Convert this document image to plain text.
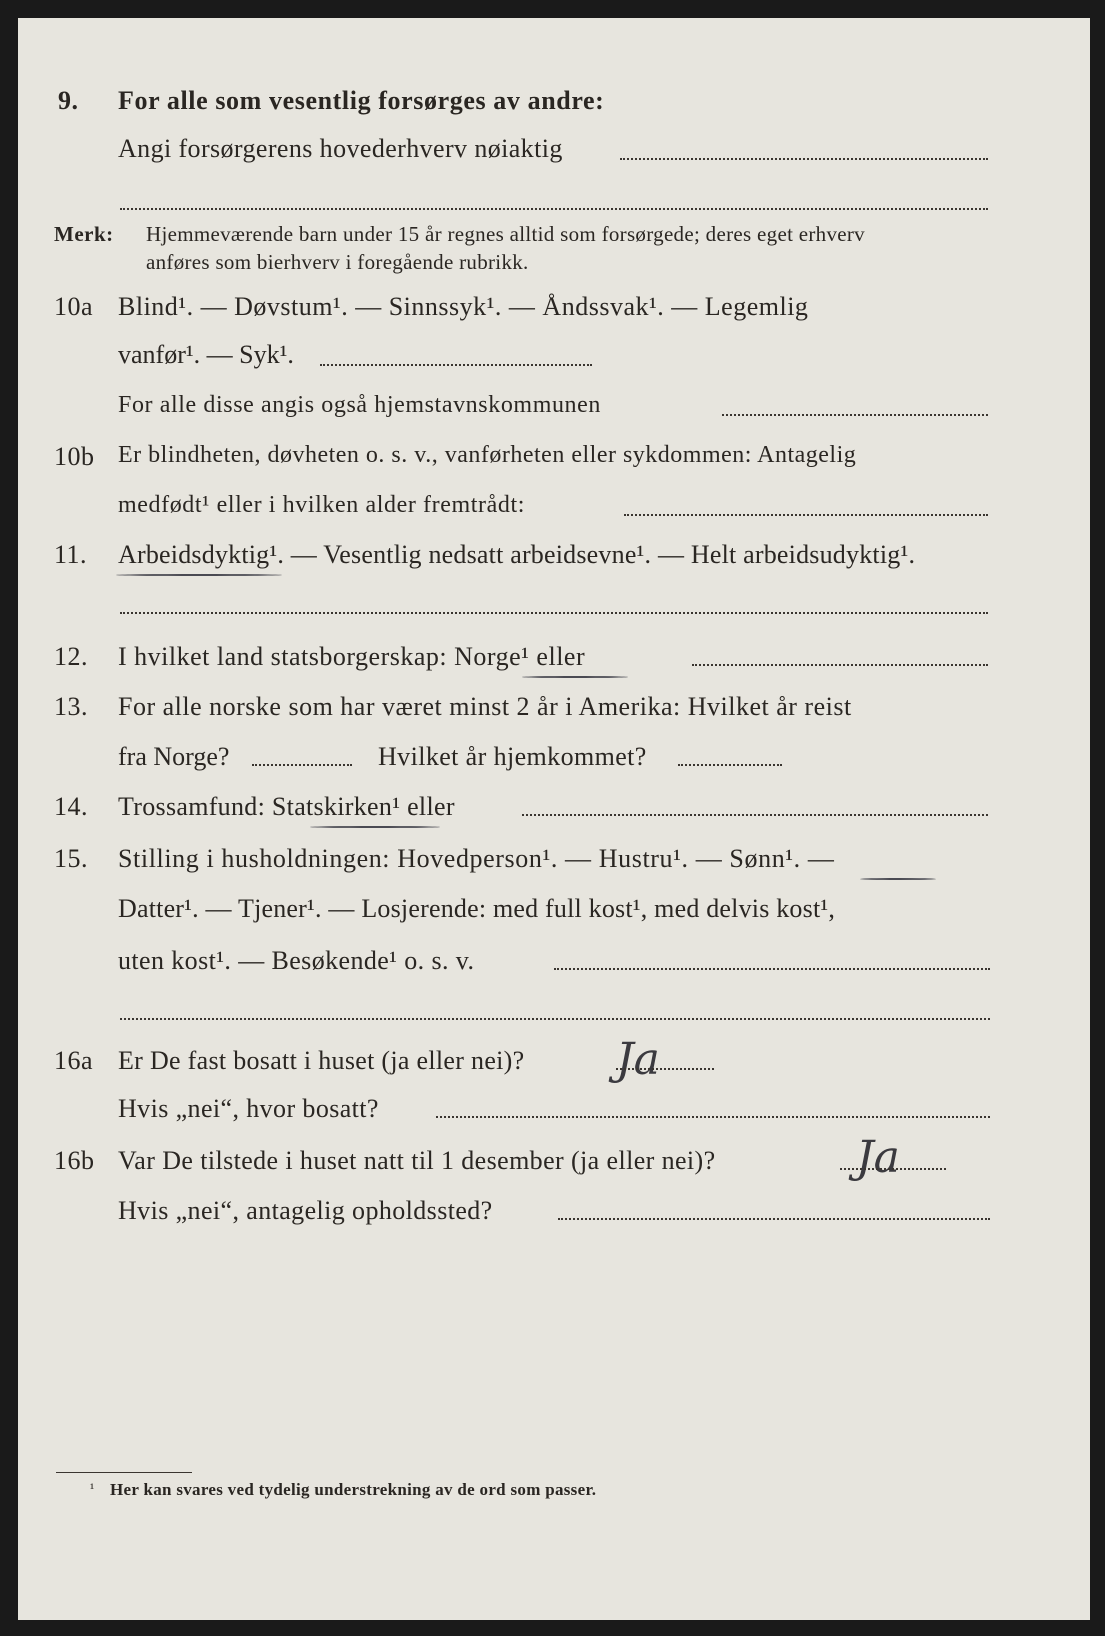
9. For alle som vesentlig forsørges av andre:
Angi forsørgerens hovederhverv nøiaktig
Merk: Hjemmeværende barn under 15 år regnes alltid som forsørgede; deres eget erhverv
anføres som bierhverv i foregående rubrikk.
10a Blind¹. — Døvstum¹. — Sinnssyk¹. — Åndssvak¹. — Legemlig
vanfør¹. — Syk¹.
For alle disse angis også hjemstavnskommunen
10b Er blindheten, døvheten o. s. v., vanførheten eller sykdommen: Antagelig
medfødt¹ eller i hvilken alder fremtrådt:
11. Arbeidsdyktig¹. — Vesentlig nedsatt arbeidsevne¹. — Helt arbeidsudyktig¹.
12. I hvilket land statsborgerskap: Norge¹ eller
13. For alle norske som har været minst 2 år i Amerika: Hvilket år reist
fra Norge?	Hvilket år hjemkommet?
14. Trossamfund: Statskirken¹ eller
15. Stilling i husholdningen: Hovedperson¹. — Hustru¹. — Sønn¹. —
Datter¹. — Tjener¹. — Losjerende: med full kost¹, med delvis kost¹,
uten kost¹. — Besøkende¹ o. s. v.
16a Er De fast bosatt i huset (ja eller nei)? Ja
Hvis „nei“, hvor bosatt?
16b Var De tilstede i huset natt til 1 desember (ja eller nei)?	Ja
Hvis „nei“, antagelig opholdssted?
¹ Her kan svares ved tydelig understrekning av de ord som passer.
